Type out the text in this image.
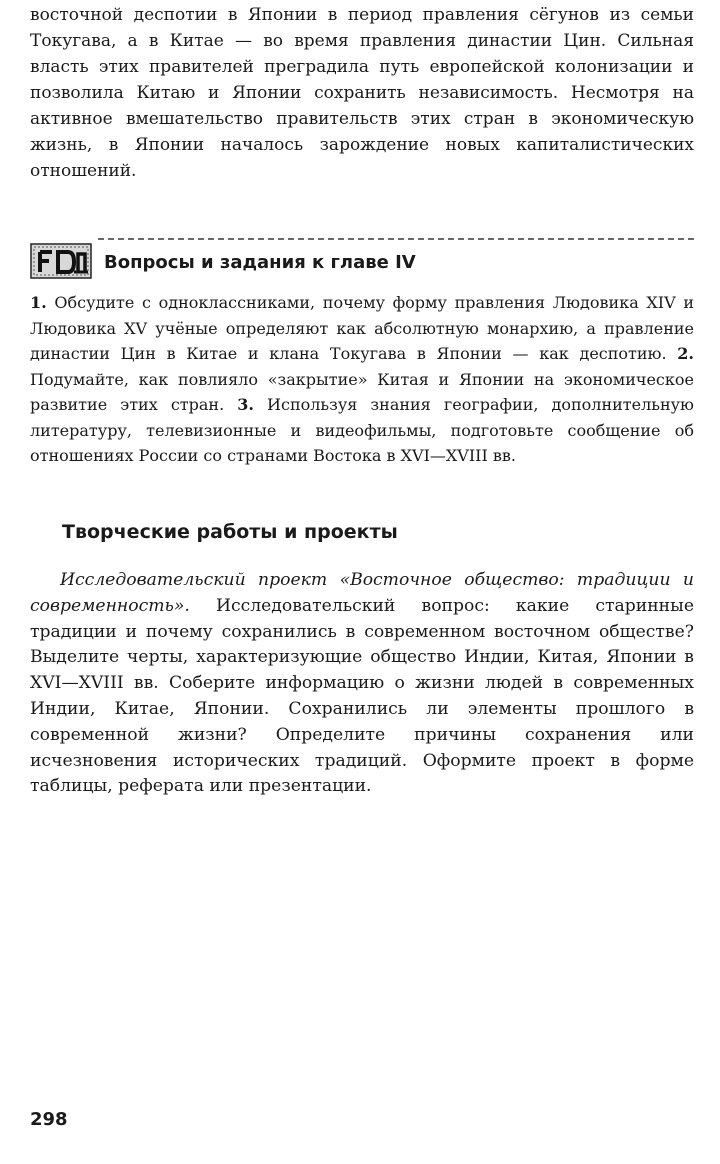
восточной деспотии в Японии в период правления сёгунов из семьи Токугава, а в Китае — во время правления династии Цин. Сильная власть этих правителей преградила путь европейской колонизации и позволила Китаю и Японии сохранить независимость. Несмотря на активное вмешательство правительств этих стран в экономическую жизнь, в Японии началось зарождение новых капиталистических отношений.

Вопросы и задания к главе IV

1. Обсудите с одноклассниками, почему форму правления Людовика XIV и Людовика XV учёные определяют как абсолютную монархию, а правление династии Цин в Китае и клана Токугава в Японии — как деспотию. 2. Подумайте, как повлияло «закрытие» Китая и Японии на экономическое развитие этих стран. 3. Используя знания географии, дополнительную литературу, телевизионные и видеофильмы, подготовьте сообщение об отношениях России со странами Востока в XVI—XVIII вв.

Творческие работы и проекты

Исследовательский проект «Восточное общество: традиции и современность». Исследовательский вопрос: какие старинные традиции и почему сохранились в современном восточном обществе? Выделите черты, характеризующие общество Индии, Китая, Японии в XVI—XVIII вв. Соберите информацию о жизни людей в современных Индии, Китае, Японии. Сохранились ли элементы прошлого в современной жизни? Определите причины сохранения или исчезновения исторических традиций. Оформите проект в форме таблицы, реферата или презентации.

298
